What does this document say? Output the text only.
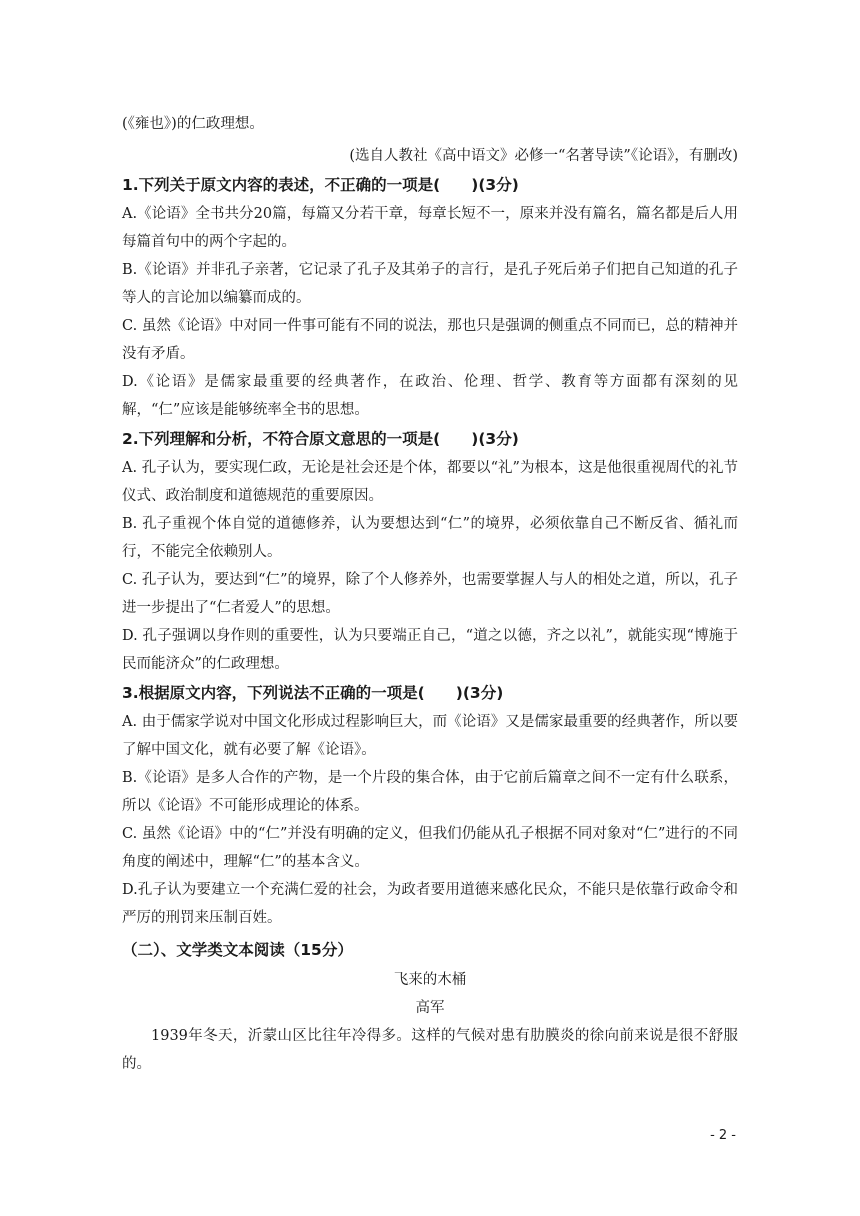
(《雍也》)的仁政理想。

(选自人教社《高中语文》必修一“名著导读”《论语》，有删改)

1.下列关于原文内容的表述，不正确的一项是(　　)(3分)

A.《论语》全书共分20篇，每篇又分若干章，每章长短不一，原来并没有篇名，篇名都是后人用每篇首句中的两个字起的。

B.《论语》并非孔子亲著，它记录了孔子及其弟子的言行，是孔子死后弟子们把自己知道的孔子等人的言论加以编纂而成的。

C. 虽然《论语》中对同一件事可能有不同的说法，那也只是强调的侧重点不同而已，总的精神并没有矛盾。

D.《论语》是儒家最重要的经典著作，在政治、伦理、哲学、教育等方面都有深刻的见解，“仁”应该是能够统率全书的思想。

2.下列理解和分析，不符合原文意思的一项是(　　)(3分)

A. 孔子认为，要实现仁政，无论是社会还是个体，都要以“礼”为根本，这是他很重视周代的礼节仪式、政治制度和道德规范的重要原因。

B. 孔子重视个体自觉的道德修养，认为要想达到“仁”的境界，必须依靠自己不断反省、循礼而行，不能完全依赖别人。

C. 孔子认为，要达到“仁”的境界，除了个人修养外，也需要掌握人与人的相处之道，所以，孔子进一步提出了“仁者爱人”的思想。

D. 孔子强调以身作则的重要性，认为只要端正自己，“道之以德，齐之以礼”，就能实现“博施于民而能济众”的仁政理想。

3.根据原文内容，下列说法不正确的一项是(　　)(3分)

A. 由于儒家学说对中国文化形成过程影响巨大，而《论语》又是儒家最重要的经典著作，所以要了解中国文化，就有必要了解《论语》。

B.《论语》是多人合作的产物，是一个片段的集合体，由于它前后篇章之间不一定有什么联系，所以《论语》不可能形成理论的体系。

C. 虽然《论语》中的“仁”并没有明确的定义，但我们仍能从孔子根据不同对象对“仁”进行的不同角度的阐述中，理解“仁”的基本含义。

D.孔子认为要建立一个充满仁爱的社会，为政者要用道德来感化民众，不能只是依靠行政命令和严厉的刑罚来压制百姓。

（二）、文学类文本阅读（15分）

飞来的木桶

高军

1939年冬天，沂蒙山区比往年冷得多。这样的气候对患有肋膜炎的徐向前来说是很不舒服的。

- 2 -
